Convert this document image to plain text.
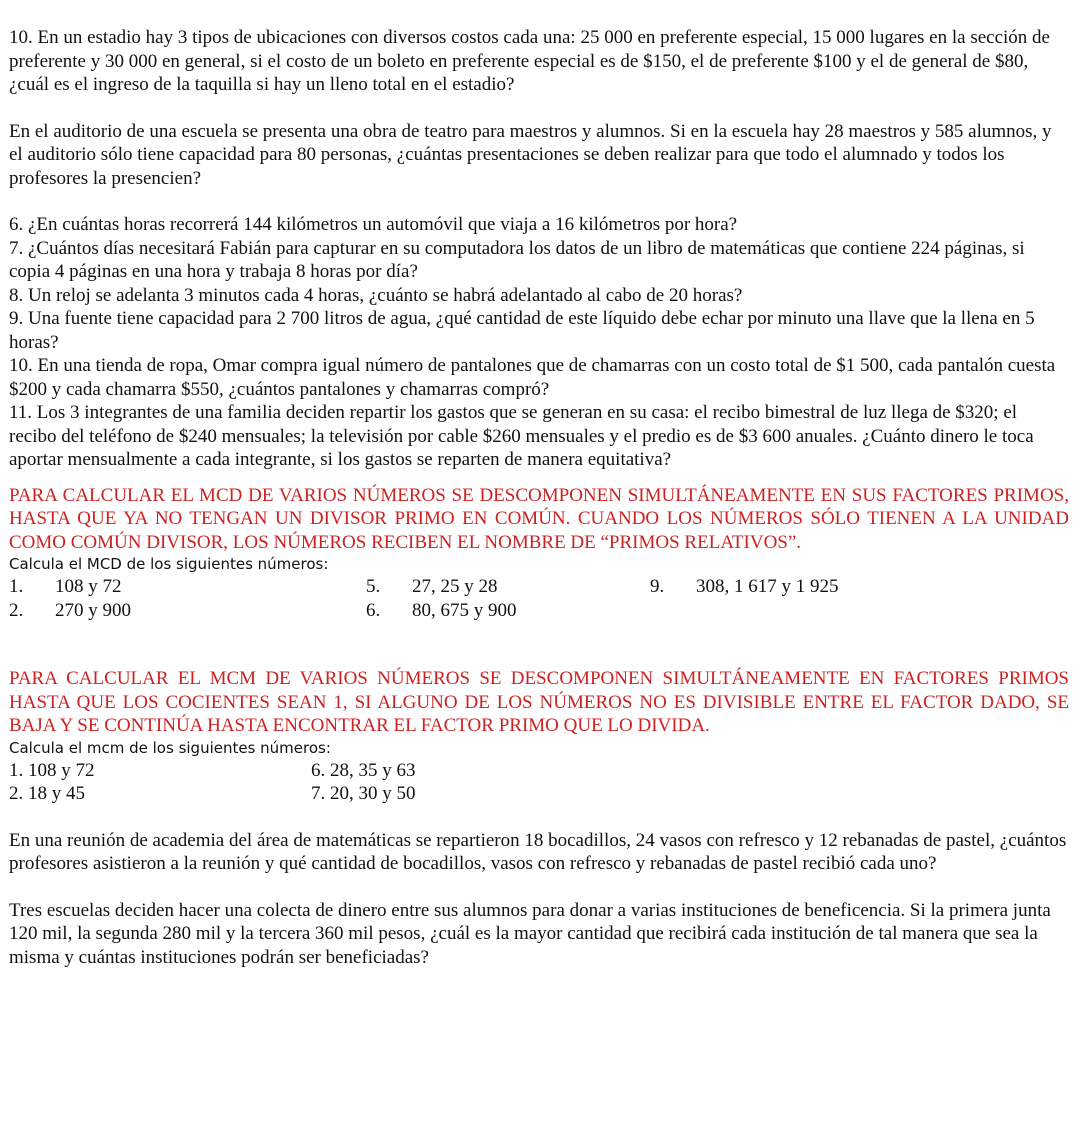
10. En un estadio hay 3 tipos de ubicaciones con diversos costos cada una: 25 000 en preferente especial, 15 000 lugares en la sección de preferente y 30 000 en general, si el costo de un boleto en preferente especial es de $150, el de preferente $100 y el de general de $80, ¿cuál es el ingreso de la taquilla si hay un lleno total en el estadio?

En el auditorio de una escuela se presenta una obra de teatro para maestros y alumnos. Si en la escuela hay 28 maestros y 585 alumnos, y el auditorio sólo tiene capacidad para 80 personas, ¿cuántas presentaciones se deben realizar para que todo el alumnado y todos los profesores la presencien?

6. ¿En cuántas horas recorrerá 144 kilómetros un automóvil que viaja a 16 kilómetros por hora?

7. ¿Cuántos días necesitará Fabián para capturar en su computadora los datos de un libro de matemáticas que contiene 224 páginas, si copia 4 páginas en una hora y trabaja 8 horas por día?

8. Un reloj se adelanta 3 minutos cada 4 horas, ¿cuánto se habrá adelantado al cabo de 20 horas?

9. Una fuente tiene capacidad para 2 700 litros de agua, ¿qué cantidad de este líquido debe echar por minuto una llave que la llena en 5 horas?

10. En una tienda de ropa, Omar compra igual número de pantalones que de chamarras con un costo total de $1 500, cada pantalón cuesta $200 y cada chamarra $550, ¿cuántos pantalones y chamarras compró?

11. Los 3 integrantes de una familia deciden repartir los gastos que se generan en su casa: el recibo bimestral de luz llega de $320; el recibo del teléfono de $240 mensuales; la televisión por cable $260 mensuales y el predio es de $3 600 anuales. ¿Cuánto dinero le toca aportar mensualmente a cada integrante, si los gastos se reparten de manera equitativa?

PARA CALCULAR EL MCD DE VARIOS NÚMEROS SE DESCOMPONEN SIMULTÁNEAMENTE EN SUS FACTORES PRIMOS, HASTA QUE YA NO TENGAN UN DIVISOR PRIMO EN COMÚN. CUANDO LOS NÚMEROS SÓLO TIENEN A LA UNIDAD COMO COMÚN DIVISOR, LOS NÚMEROS RECIBEN EL NOMBRE DE “PRIMOS RELATIVOS”.

Calcula el MCD de los siguientes números:

1. 108 y 72
2. 270 y 900
5. 27, 25 y 28
6. 80, 675 y 900
9. 308, 1 617 y 1 925

PARA CALCULAR EL MCM DE VARIOS NÚMEROS SE DESCOMPONEN SIMULTÁNEAMENTE EN FACTORES PRIMOS HASTA QUE LOS COCIENTES SEAN 1, SI ALGUNO DE LOS NÚMEROS NO ES DIVISIBLE ENTRE EL FACTOR DADO, SE BAJA Y SE CONTINÚA HASTA ENCONTRAR EL FACTOR PRIMO QUE LO DIVIDA.

Calcula el mcm de los siguientes números:

1. 108 y 72
2. 18 y 45
6. 28, 35 y 63
7. 20, 30 y 50

En una reunión de academia del área de matemáticas se repartieron 18 bocadillos, 24 vasos con refresco y 12 rebanadas de pastel, ¿cuántos profesores asistieron a la reunión y qué cantidad de bocadillos, vasos con refresco y rebanadas de pastel recibió cada uno?

Tres escuelas deciden hacer una colecta de dinero entre sus alumnos para donar a varias instituciones de beneficencia. Si la primera junta 120 mil, la segunda 280 mil y la tercera 360 mil pesos, ¿cuál es la mayor cantidad que recibirá cada institución de tal manera que sea la misma y cuántas instituciones podrán ser beneficiadas?
